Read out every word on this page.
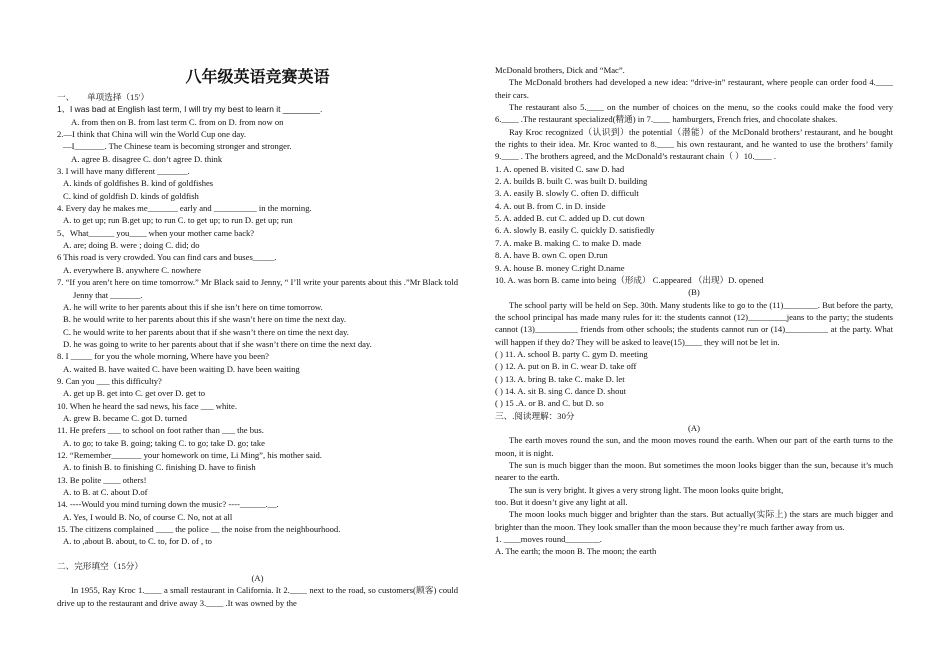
八年级英语竞赛英语
一、　　单项选择（15′）
1、I was bad at English last term, I will try my best to learn it ________.
A. from then on B. from last term C. from on D. from now on
2.—I think that China will win the World Cup one day.
—I_______. The Chinese team is becoming stronger and stronger.
A. agree B. disagree C. don’t agree D. think
3. I will have many different _______.
A. kinds of goldfishes B. kind of goldfishes
C. kind of goldfish D. kinds of goldfish
4. Every day he makes me_______ early and __________ in the morning.
A. to get up; run B.get up; to run C. to get up; to run D. get up; run
5、What______ you____ when your mother came back?
A. are; doing B. were ; doing C. did; do
6 This road is very crowded. You can find cars and buses_____.
A. everywhere B. anywhere C. nowhere
7. “If you aren’t here on time tomorrow.” Mr Black said to Jenny, “ I’ll write your parents about this .”Mr Black told Jenny that _______.
A. he will write to her parents about this if she isn’t here on time tomorrow.
B. he would write to her parents about this if she wasn’t here on time the next day.
C. he would write to her parents about that if she wasn’t there on time the next day.
D. he was going to write to her parents about that if she wasn’t there on time the next day.
8. I _____ for you the whole morning, Where have you been?
A. waited B. have waited C. have been waiting D. have been waiting
9. Can you ___ this difficulty?
A. get up B. get into C. get over D. get to
10. When he heard the sad news, his face ___ white.
A. grew B. became C. got D. turned
11. He prefers ___ to school on foot rather than ___ the bus.
A. to go; to take B. going; taking C. to go; take D. go; take
12. “Remember_______ your homework on time, Li Ming”, his mother said.
A. to finish B. to finishing C. finishing D. have to finish
13. Be polite ____ others!
A. to B. at C. about D.of
14. ----Would you mind turning down the music? ----______.__.
A. Yes, I would B. No, of course C. No, not at all
15. The citizens complained ____ the police __ the noise from the neighbourhood.
A. to ,about B. about, to C. to, for D. of , to
二、完形填空（15分）
(A)
In 1955, Ray Kroc 1.____ a small restaurant in California. It 2.____ next to the road, so customers(顾客) could drive up to the restaurant and drive away 3.____ .It was owned by the
McDonald brothers, Dick and “Mac”.
The McDonald brothers had developed a new idea: “drive-in” restaurant, where people can order food 4.____ their cars.
The restaurant also 5.____ on the number of choices on the menu, so the cooks could make the food very 6.____ .The restaurant specialized(精通) in 7.____ hamburgers, French fries, and chocolate shakes.
Ray Kroc recognized（认识到）the potential（潜能）of the McDonald brothers’ restaurant, and he bought the rights to their idea. Mr. Kroc wanted to 8.____ his own restaurant, and he wanted to use the brothers’ family 9.____ . The brothers agreed, and the McDonald’s restaurant chain（ ）10.____ .
1. A. opened B. visited C. saw D. had
2. A. builds B. built C. was built D. building
3. A. easily B. slowly C. often D. difficult
4. A. out B. from C. in D. inside
5. A. added B. cut C. added up D. cut down
6. A. slowly B. easily C. quickly D. satisfiedly
7. A. make B. making C. to make D. made
8. A. have B. own C. open D.run
9. A. house B. money C.right D.name
10. A. was born B. came into being（形成） C.appeared （出现）D. opened
(B)
The school party will be held on Sep. 30th. Many students like to go to the (11)________. But before the party, the school principal has made many rules for it: the students cannot (12)_________jeans to the party; the students cannot (13)__________ friends from other schools; the students cannot run or (14)__________ at the party. What will happen if they do? They will be asked to leave(15)____ they will not be let in.
( ) 11. A. school B. party C. gym D. meeting
( ) 12. A. put on B. in C. wear D. take off
( ) 13. A. bring B. take C. make D. let
( ) 14. A. sit B. sing C. dance D. shout
( ) 15 .A. or B. and C. but D. so
三、.阅读理解：30分
(A)
The earth moves round the sun, and the moon moves round the earth. When our part of the earth turns to the moon, it is night.
The sun is much bigger than the moon. But sometimes the moon looks bigger than the sun, because it’s much nearer to the earth.
The sun is very bright. It gives a very strong light. The moon looks quite bright,
too. But it doesn’t give any light at all.
The moon looks much bigger and brighter than the stars. But actually(实际上) the stars are much bigger and brighter than the moon. They look smaller than the moon because they’re much farther away from us.
1. ____moves round________.
A. The earth; the moon B. The moon; the earth
